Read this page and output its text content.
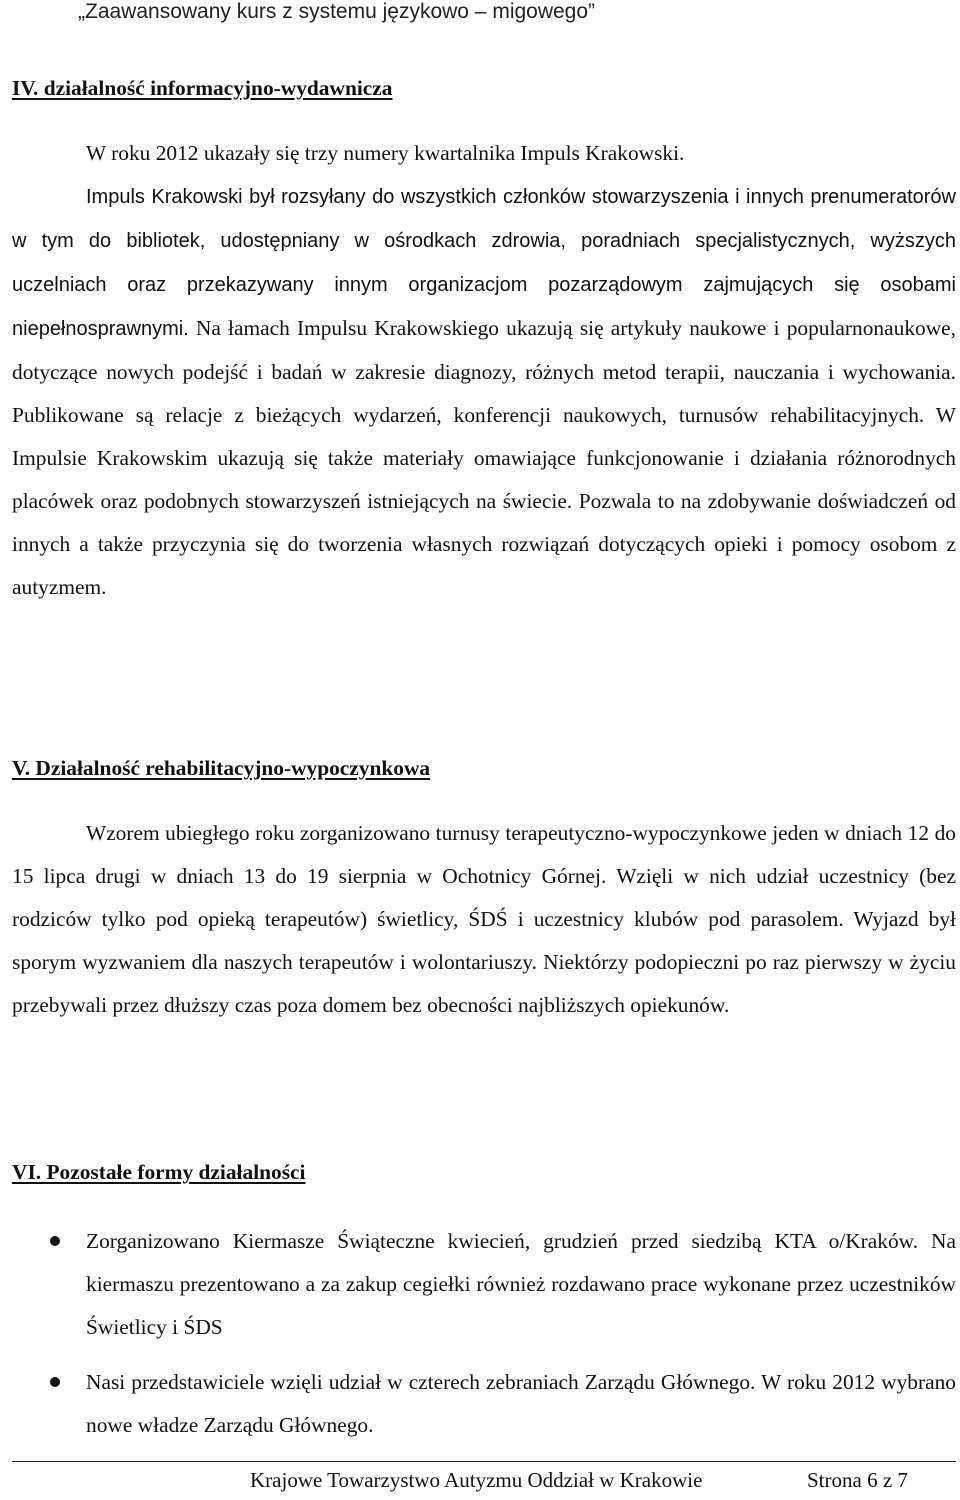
„Zaawansowany kurs z systemu językowo – migowego”
IV. działalność informacyjno-wydawnicza
W roku 2012 ukazały się trzy numery kwartalnika Impuls Krakowski.

Impuls Krakowski był rozsyłany do wszystkich członków stowarzyszenia i innych prenumeratorów w tym do bibliotek, udostępniany w ośrodkach zdrowia, poradniach specjalistycznych, wyższych uczelniach oraz przekazywany innym organizacjom pozarządowym zajmujących się osobami niepełnosprawnymi. Na łamach Impulsu Krakowskiego ukazują się artykuły naukowe i popularnonaukowe, dotyczące nowych podejść i badań w zakresie diagnozy, różnych metod terapii, nauczania i wychowania. Publikowane są relacje z bieżących wydarzeń, konferencji naukowych, turnusów rehabilitacyjnych. W Impulsie Krakowskim ukazują się także materiały omawiające funkcjonowanie i działania różnorodnych placówek oraz podobnych stowarzyszeń istniejących na świecie. Pozwala to na zdobywanie doświadczeń od innych a także przyczynia się do tworzenia własnych rozwiązań dotyczących opieki i pomocy osobom z autyzmem.

V. Działalność rehabilitacyjno-wypoczynkowa

Wzorem ubiegłego roku zorganizowano turnusy terapeutyczno-wypoczynkowe jeden w dniach 12 do 15 lipca drugi w dniach 13 do 19 sierpnia w Ochotnicy Górnej. Wzięli w nich udział uczestnicy (bez rodziców tylko pod opieką terapeutów) świetlicy, ŚDŚ i uczestnicy klubów pod parasolem. Wyjazd był sporym wyzwaniem dla naszych terapeutów i wolontariuszy. Niektórzy podopieczni po raz pierwszy w życiu przebywali przez dłuższy czas poza domem bez obecności najbliższych opiekunów.

VI. Pozostałe formy działalności
Zorganizowano Kiermasze Świąteczne kwiecień, grudzień przed siedzibą KTA o/Kraków. Na kiermaszu prezentowano a za zakup cegiełki również rozdawano prace wykonane przez uczestników Świetlicy i ŚDS
Nasi przedstawiciele wzięli udział w czterech zebraniach Zarządu Głównego. W roku 2012 wybrano nowe władze Zarządu Głównego.
Krajowe Towarzystwo Autyzmu Oddział w Krakowie	Strona 6 z 7
